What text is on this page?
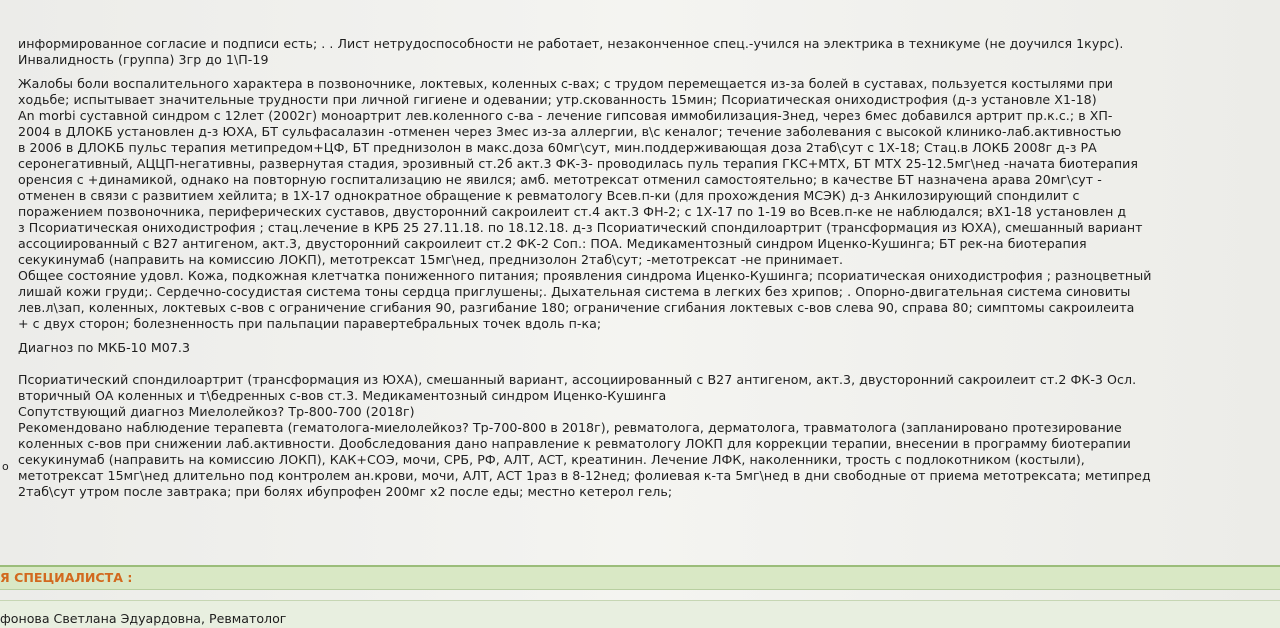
информированное согласие и подписи есть; . . Лист нетрудоспособности не работает, незаконченное спец.-учился на электрика в техникуме (не доучился 1курс).
Инвалидность (группа) 3гр до 1\П-19
Жалобы боли воспалительного характера в позвоночнике, локтевых, коленных с-вах; с трудом перемещается из-за болей в суставах, пользуется костылями при
ходьбе; испытывает значительные трудности при личной гигиене и одевании; утр.скованность 15мин; Псориатическая ониходистрофия (д-з установле Х1-18)
An morbi суставной синдром с 12лет (2002г) моноартрит лев.коленного с-ва - лечение гипсовая иммобилизация-3нед, через 6мес добавился артрит пр.к.с.; в ХП-
2004 в ДЛОКБ установлен д-з ЮХА, БТ сульфасалазин -отменен через 3мес из-за аллергии, в\с кеналог; течение заболевания с высокой клинико-лаб.активностью
в 2006 в ДЛОКБ пульс терапия метипредом+ЦФ, БТ преднизолон в макс.доза 60мг\сут, мин.поддерживающая доза 2таб\сут с 1Х-18; Стац.в ЛОКБ 2008г д-з РА
серонегативный, АЦЦП-негативны, развернутая стадия, эрозивный ст.2б акт.3 ФК-3- проводилась пуль терапия ГКС+МТХ, БТ МТХ 25-12.5мг\нед -начата биотерапия
оренсия с +динамикой, однако на повторную госпитализацию не явился; амб. метотрексат отменил самостоятельно; в качестве БТ назначена арава 20мг\сут -
отменен в связи с развитием хейлита; в 1Х-17 однократное обращение к ревматологу Всев.п-ки (для прохождения МСЭК) д-з Анкилозирующий спондилит с
поражением позвоночника, периферических суставов, двусторонний сакроилеит ст.4 акт.3 ФН-2; с 1Х-17 по 1-19 во Всев.п-ке не наблюдался; вХ1-18 установлен д
з Псориатическая ониходистрофия ; стац.лечение в КРБ 25 27.11.18. по 18.12.18. д-з Псориатический спондилоартрит (трансформация из ЮХА), смешанный вариант
ассоциированный с В27 антигеном, акт.3, двусторонний сакроилеит ст.2 ФК-2 Соп.: ПОА. Медикаментозный синдром Иценко-Кушинга; БТ рек-на биотерапия
секукинумаб (направить на комиссию ЛОКП), метотрексат 15мг\нед, преднизолон 2таб\сут; -метотрексат -не принимает.
Общее состояние удовл. Кожа, подкожная клетчатка пониженного питания; проявления синдрома Иценко-Кушинга; псориатическая ониходистрофия ; разноцветный
лишай кожи груди;. Сердечно-сосудистая система тоны сердца приглушены;. Дыхательная система в легких без хрипов; . Опорно-двигательная система синовиты
лев.л\зап, коленных, локтевых с-вов с ограничение сгибания 90, разгибание 180; ограничение сгибания локтевых с-вов слева 90, справа 80; симптомы сакроилеита
+ с двух сторон; болезненность при пальпации паравертебральных точек вдоль п-ка;
Диагноз по МКБ-10 М07.3
Псориатический спондилоартрит (трансформация из ЮХА), смешанный вариант, ассоциированный с В27 антигеном, акт.3, двусторонний сакроилеит ст.2 ФК-3 Осл.
вторичный ОА коленных и т\бедренных с-вов ст.3. Медикаментозный синдром Иценко-Кушинга
Сопутствующий диагноз Миелолейкоз? Тр-800-700 (2018г)
Рекомендовано наблюдение терапевта (гематолога-миелолейкоз? Тр-700-800 в 2018г), ревматолога, дерматолога, травматолога (запланировано протезирование
коленных с-вов при снижении лаб.активности. Дообследования дано направление к ревматологу ЛОКП для коррекции терапии, внесении в программу биотерапии
секукинумаб (направить на комиссию ЛОКП), КАК+СОЭ, мочи, СРБ, РФ, АЛТ, АСТ, креатинин. Лечение ЛФК, наколенники, трость с подлокотником (костыли),
метотрексат 15мг\нед длительно под контролем ан.крови, мочи, АЛТ, АСТ 1раз в 8-12нед; фолиевая к-та 5мг\нед в дни свободные от приема метотрексата; метипред
2таб\сут утром после завтрака; при болях ибупрофен 200мг х2 после еды; местно кетерол гель;
o
Я СПЕЦИАЛИСТА :
фонова Светлана Эдуардовна, Ревматолог
